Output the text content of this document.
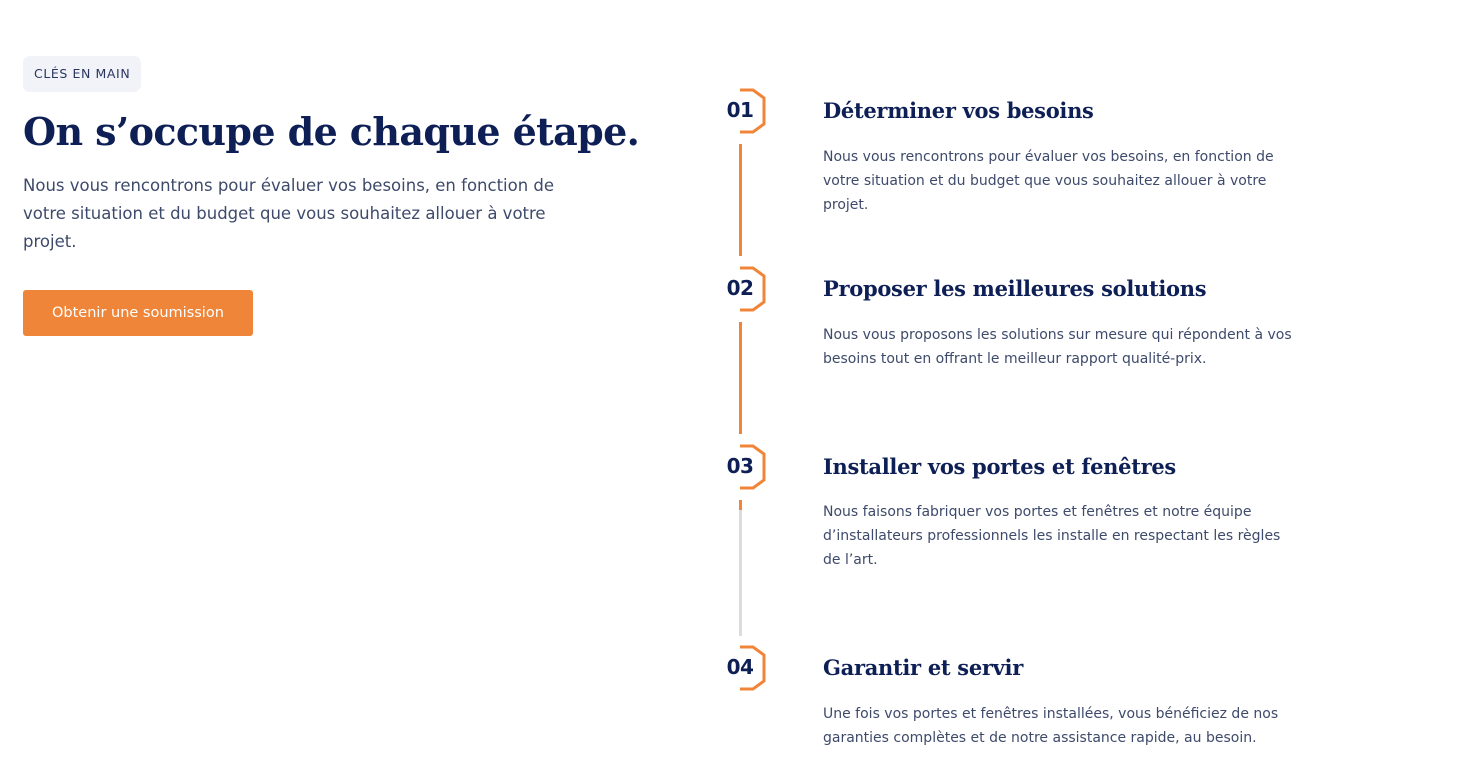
CLÉS EN MAIN
On s’occupe de chaque étape.
Nous vous rencontrons pour évaluer vos besoins, en fonction de votre situation et du budget que vous souhaitez allouer à votre projet.
Obtenir une soumission
01	Déterminer vos besoins
Nous vous rencontrons pour évaluer vos besoins, en fonction de votre situation et du budget que vous souhaitez allouer à votre projet.
02	Proposer les meilleures solutions
Nous vous proposons les solutions sur mesure qui répondent à vos besoins tout en offrant le meilleur rapport qualité-prix.
03	Installer vos portes et fenêtres
Nous faisons fabriquer vos portes et fenêtres et notre équipe d’installateurs professionnels les installe en respectant les règles de l’art.
04	Garantir et servir
Une fois vos portes et fenêtres installées, vous bénéficiez de nos garanties complètes et de notre assistance rapide, au besoin.
